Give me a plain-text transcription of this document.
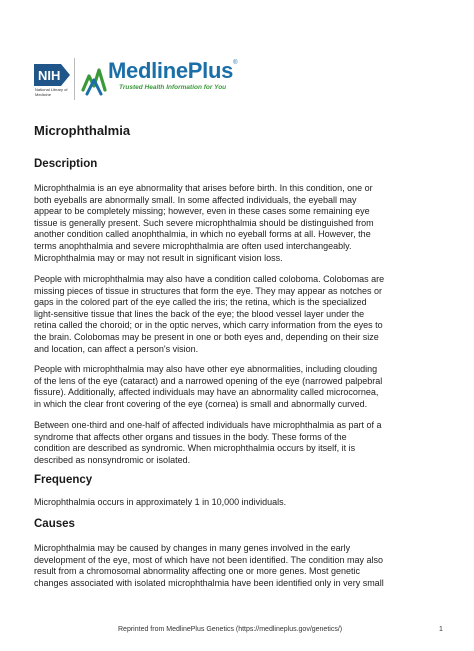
NIH
National Library of Medicine
MedlinePlus®
Trusted Health Information for You
Microphthalmia
Description

Microphthalmia is an eye abnormality that arises before birth. In this condition, one or
both eyeballs are abnormally small. In some affected individuals, the eyeball may
appear to be completely missing; however, even in these cases some remaining eye
tissue is generally present. Such severe microphthalmia should be distinguished from
another condition called anophthalmia, in which no eyeball forms at all. However, the
terms anophthalmia and severe microphthalmia are often used interchangeably.
Microphthalmia may or may not result in significant vision loss.

People with microphthalmia may also have a condition called coloboma. Colobomas are
missing pieces of tissue in structures that form the eye. They may appear as notches or
gaps in the colored part of the eye called the iris; the retina, which is the specialized
light-sensitive tissue that lines the back of the eye; the blood vessel layer under the
retina called the choroid; or in the optic nerves, which carry information from the eyes to
the brain. Colobomas may be present in one or both eyes and, depending on their size
and location, can affect a person's vision.

People with microphthalmia may also have other eye abnormalities, including clouding
of the lens of the eye (cataract) and a narrowed opening of the eye (narrowed palpebral
fissure). Additionally, affected individuals may have an abnormality called microcornea,
in which the clear front covering of the eye (cornea) is small and abnormally curved.

Between one-third and one-half of affected individuals have microphthalmia as part of a
syndrome that affects other organs and tissues in the body. These forms of the
condition are described as syndromic. When microphthalmia occurs by itself, it is
described as nonsyndromic or isolated.

Frequency

Microphthalmia occurs in approximately 1 in 10,000 individuals.

Causes

Microphthalmia may be caused by changes in many genes involved in the early
development of the eye, most of which have not been identified. The condition may also
result from a chromosomal abnormality affecting one or more genes. Most genetic
changes associated with isolated microphthalmia have been identified only in very small

Reprinted from MedlinePlus Genetics (https://medlineplus.gov/genetics/)	1
